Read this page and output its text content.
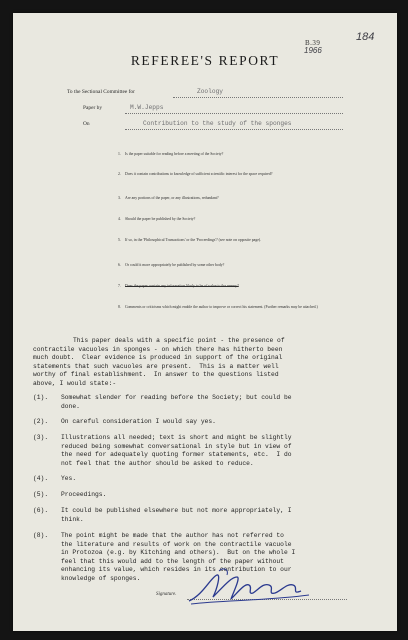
B.39
1966
184
REFEREE'S REPORT
To the Sectional Committee for	Zoology
Paper by	M.W.Jepps
On	Contribution to the study of the sponges
1. Is the paper suitable for reading before a meeting of the Society?
2. Does it contain contributions to knowledge of sufficient scientific interest for the space required?
3. Are any portions of the paper, or any illustrations, redundant?
4. Should the paper be published by the Society?
5. If so, in the 'Philosophical Transactions' or the 'Proceedings'? (see note on opposite page).
6. Or could it more appropriately be published by some other body?
7. Does the paper contain any information likely to be of value to the enemy?
8. Comments or criticisms which might enable the author to improve or correct his statement. (Further remarks may be attached.)
This paper deals with a specific point - the presence of
contractile vacuoles in sponges - on which there has hitherto been
much doubt.  Clear evidence is produced in support of the original
statements that such vacuoles are present.  This is a matter well
worthy of final establishment.  In answer to the questions listed
above, I would state:-
(1). Somewhat slender for reading before the Society; but could be
done.
(2). On careful consideration I would say yes.
(3). Illustrations all needed; text is short and might be slightly
reduced being somewhat conversational in style but in view of
the need for adequately quoting former statements, etc.  I do
not feel that the author should be asked to reduce.
(4). Yes.
(5). Proceedings.
(6). It could be published elsewhere but not more appropriately, I
think.
(8). The point might be made that the author has not referred to
the literature and results of work on the contractile vacuole
in Protozoa (e.g. by Kitching and others).  But on the whole I
feel that this would add to the length of the paper without
enhancing its value, which resides in its contribution to our
knowledge of sponges.
Signature.
